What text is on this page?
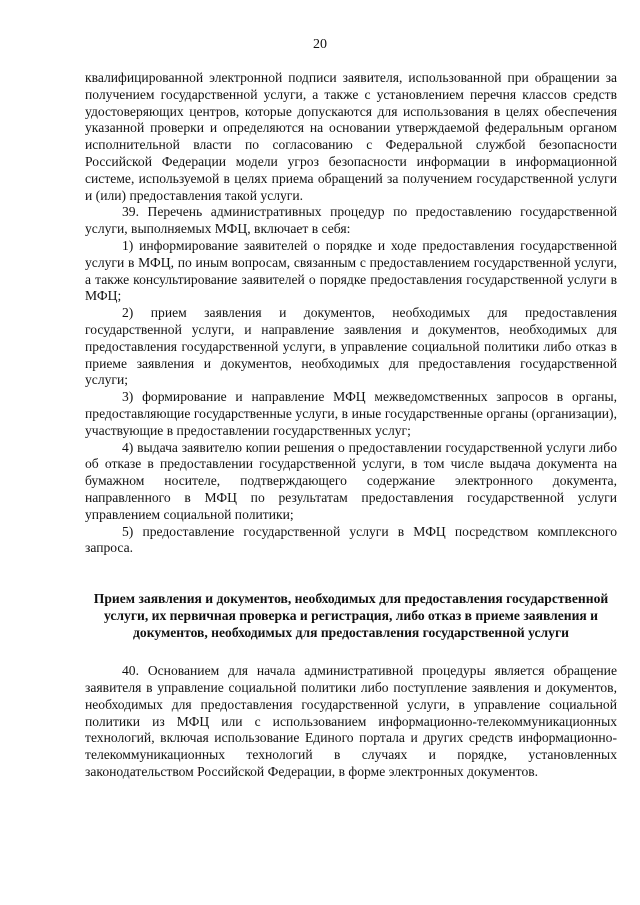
20

квалифицированной электронной подписи заявителя, использованной при обращении за получением государственной услуги, а также с установлением перечня классов средств удостоверяющих центров, которые допускаются для использования в целях обеспечения указанной проверки и определяются на основании утверждаемой федеральным органом исполнительной власти по согласованию с Федеральной службой безопасности Российской Федерации модели угроз безопасности информации в информационной системе, используемой в целях приема обращений за получением государственной услуги и (или) предоставления такой услуги.

39. Перечень административных процедур по предоставлению государственной услуги, выполняемых МФЦ, включает в себя:

1) информирование заявителей о порядке и ходе предоставления государственной услуги в МФЦ, по иным вопросам, связанным с предоставлением государственной услуги, а также консультирование заявителей о порядке предоставления государственной услуги в МФЦ;

2) прием заявления и документов, необходимых для предоставления государственной услуги, и направление заявления и документов, необходимых для предоставления государственной услуги, в управление социальной политики либо отказ в приеме заявления и документов, необходимых для предоставления государственной услуги;

3) формирование и направление МФЦ межведомственных запросов в органы, предоставляющие государственные услуги, в иные государственные органы (организации), участвующие в предоставлении государственных услуг;

4) выдача заявителю копии решения о предоставлении государственной услуги либо об отказе в предоставлении государственной услуги, в том числе выдача документа на бумажном носителе, подтверждающего содержание электронного документа, направленного в МФЦ по результатам предоставления государственной услуги управлением социальной политики;

5) предоставление государственной услуги в МФЦ посредством комплексного запроса.

Прием заявления и документов, необходимых для предоставления государственной услуги, их первичная проверка и регистрация, либо отказ в приеме заявления и документов, необходимых для предоставления государственной услуги

40. Основанием для начала административной процедуры является обращение заявителя в управление социальной политики либо поступление заявления и документов, необходимых для предоставления государственной услуги, в управление социальной политики из МФЦ или с использованием информационно-телекоммуникационных технологий, включая использование Единого портала и других средств информационно-телекоммуникационных технологий в случаях и порядке, установленных законодательством Российской Федерации, в форме электронных документов.
